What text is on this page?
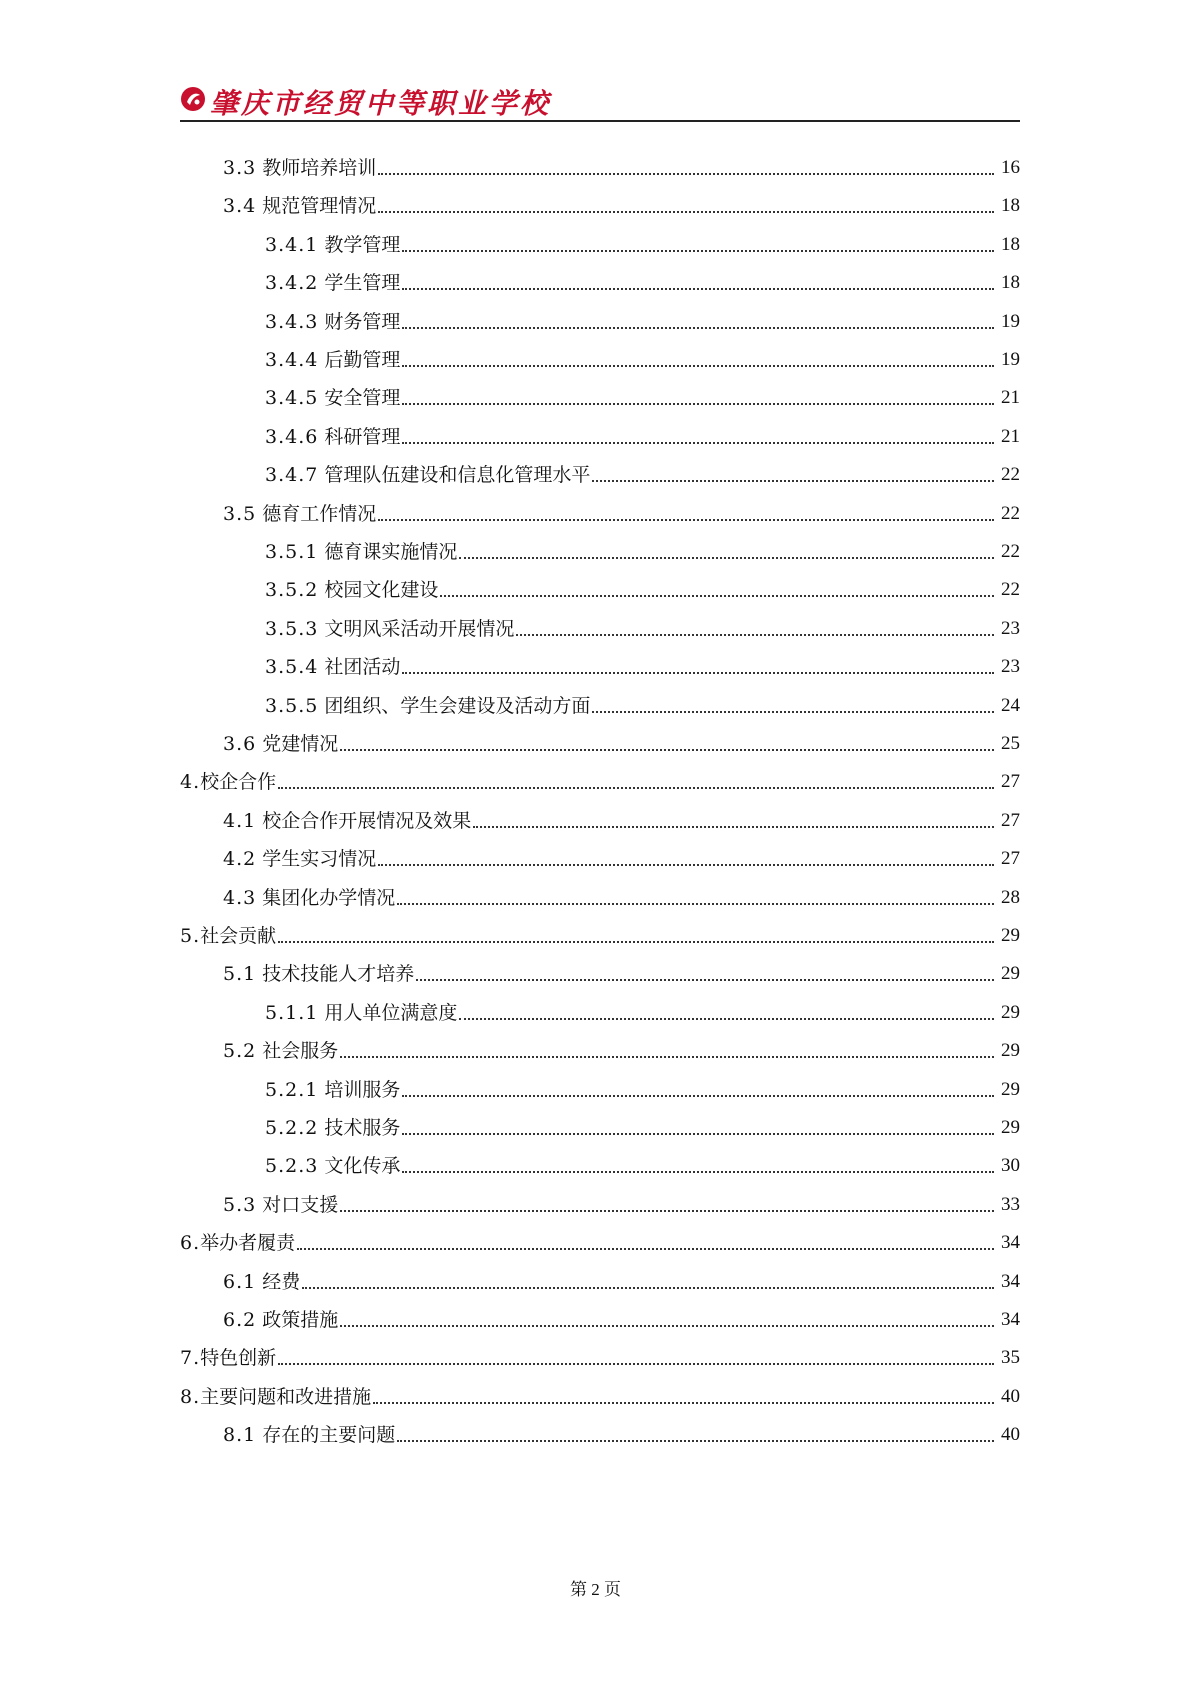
肇庆市经贸中等职业学校
3.3 教师培养培训	16
3.4 规范管理情况	18
3.4.1 教学管理	18
3.4.2 学生管理	18
3.4.3 财务管理	19
3.4.4 后勤管理	19
3.4.5 安全管理	21
3.4.6 科研管理	21
3.4.7 管理队伍建设和信息化管理水平	22
3.5 德育工作情况	22
3.5.1 德育课实施情况	22
3.5.2 校园文化建设	22
3.5.3 文明风采活动开展情况	23
3.5.4 社团活动	23
3.5.5 团组织、学生会建设及活动方面	24
3.6 党建情况	25
4.校企合作	27
4.1 校企合作开展情况及效果	27
4.2 学生实习情况	27
4.3 集团化办学情况	28
5.社会贡献	29
5.1 技术技能人才培养	29
5.1.1 用人单位满意度	29
5.2 社会服务	29
5.2.1 培训服务	29
5.2.2 技术服务	29
5.2.3 文化传承	30
5.3 对口支援	33
6.举办者履责	34
6.1 经费	34
6.2 政策措施	34
7.特色创新	35
8.主要问题和改进措施	40
8.1 存在的主要问题	40
第 2 页
